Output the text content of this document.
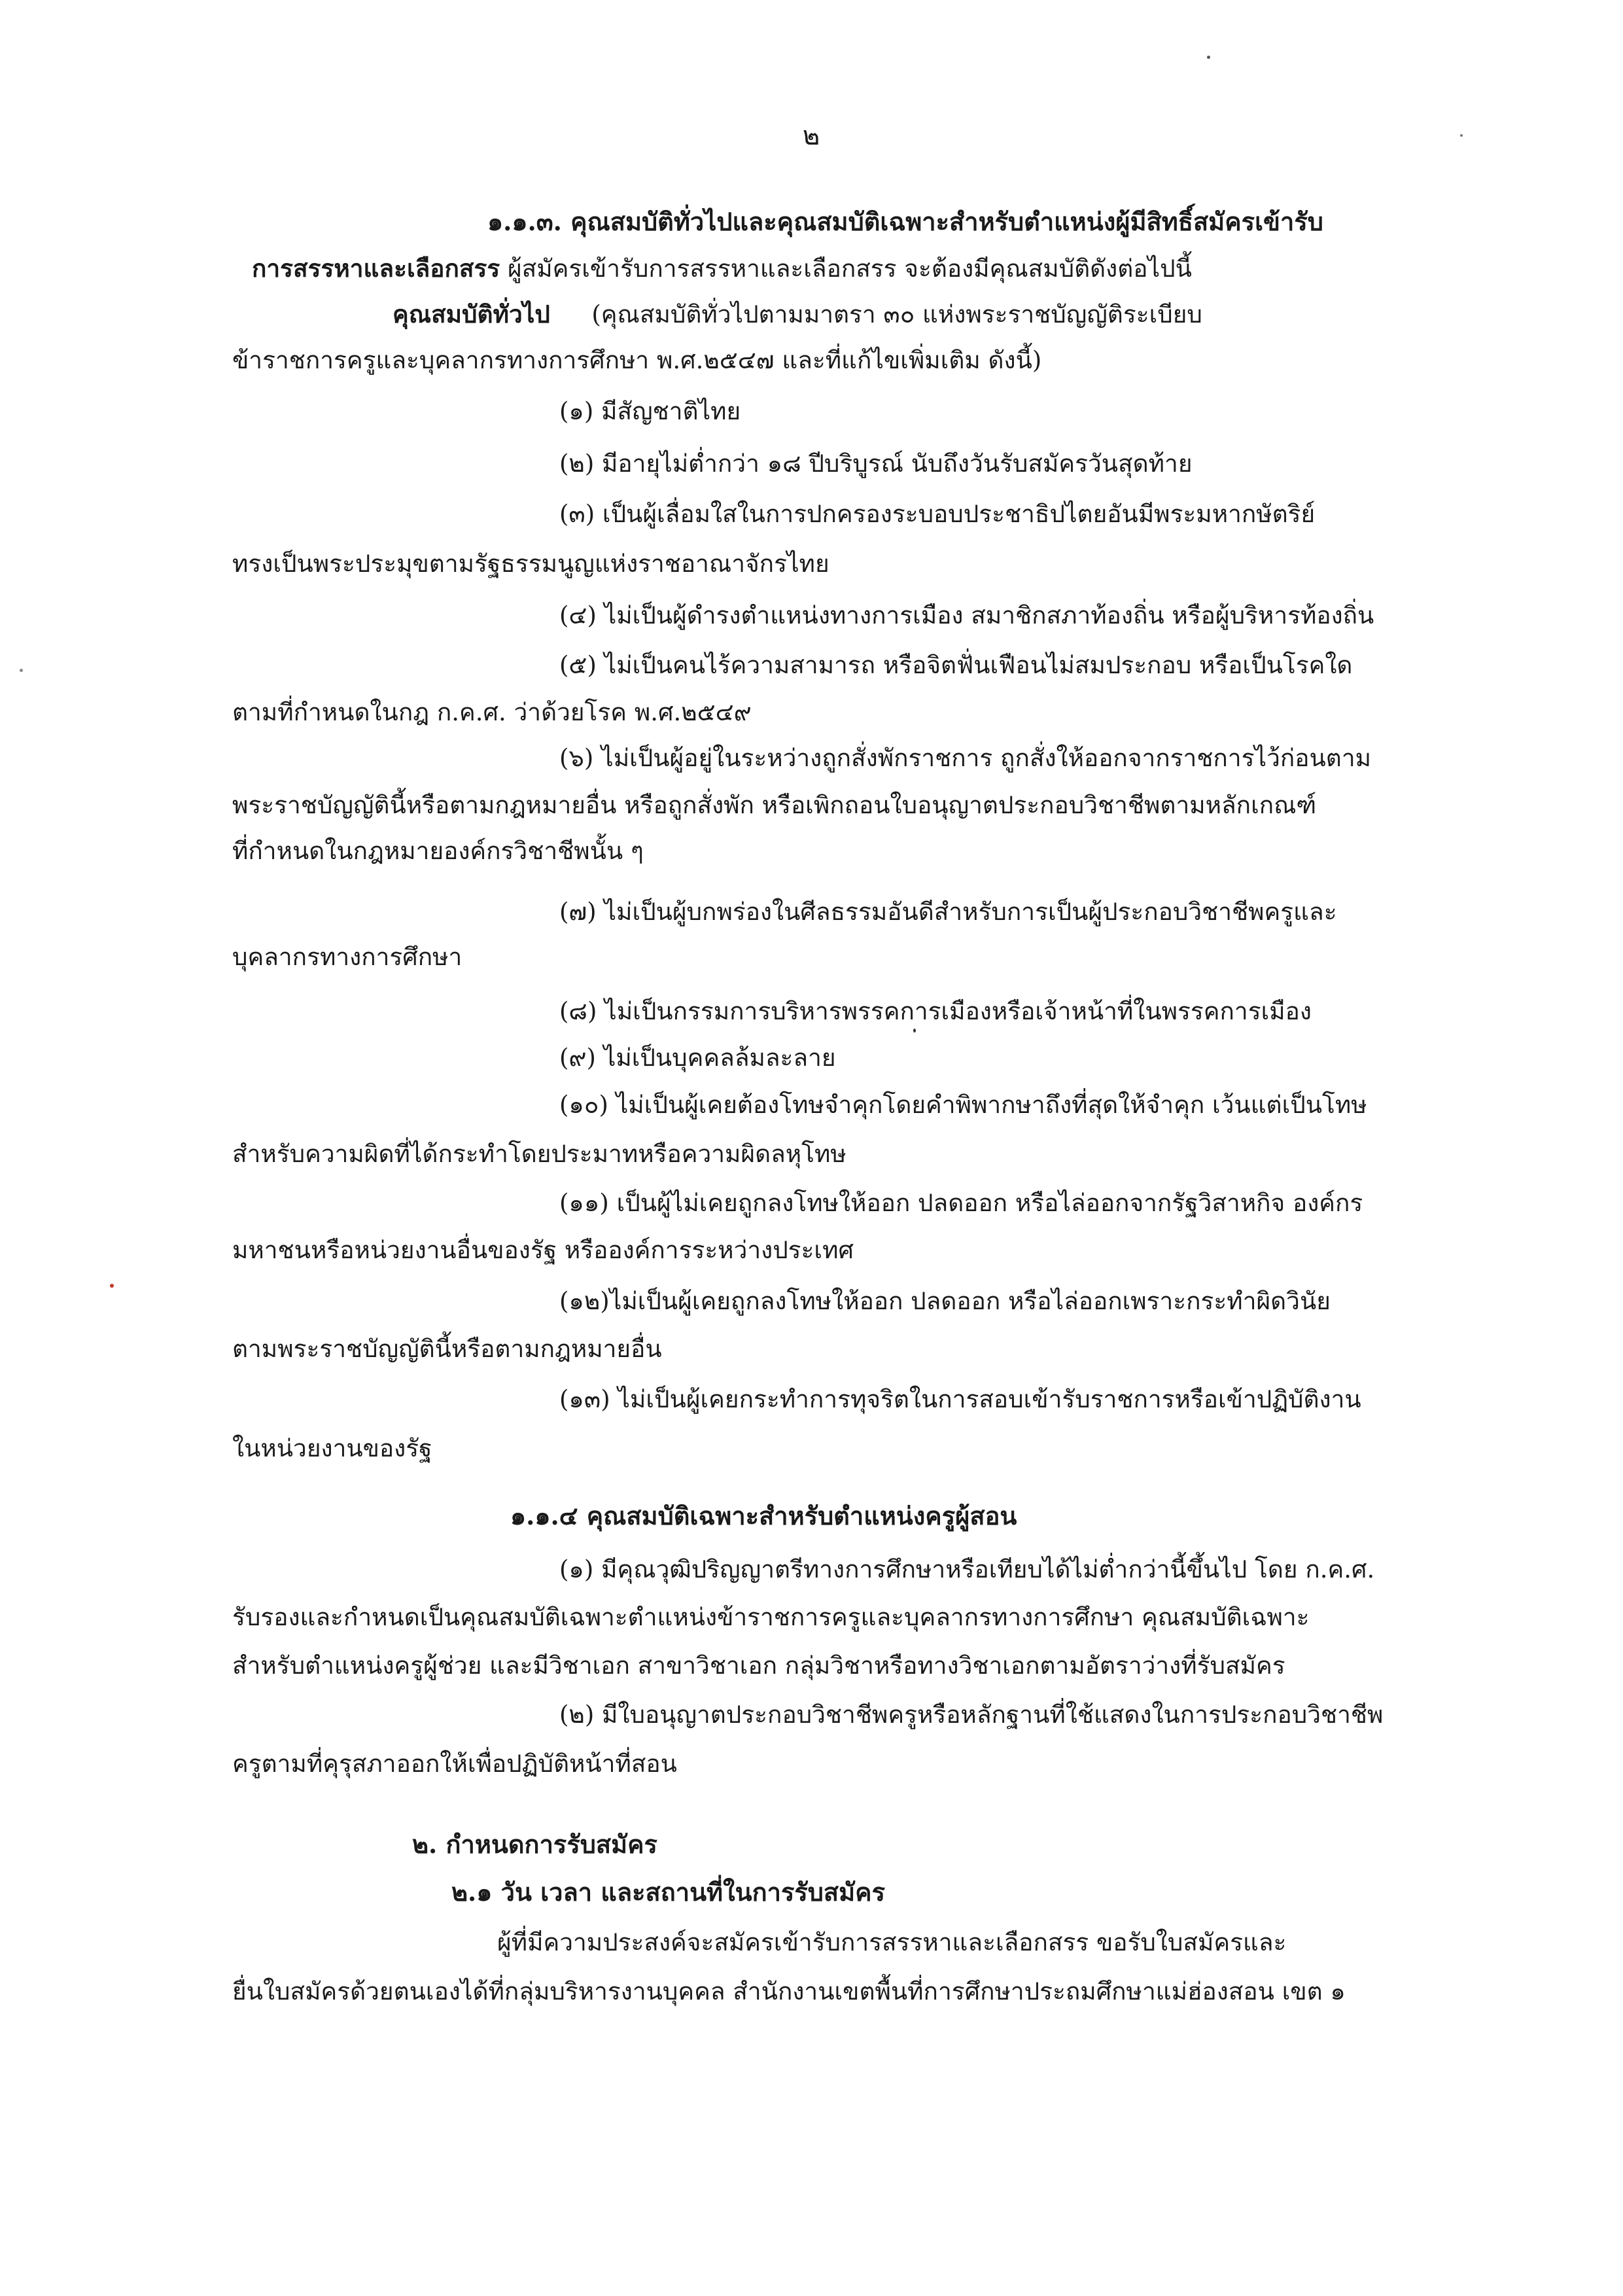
๒
๑.๑.๓. คุณสมบัติทั่วไปและคุณสมบัติเฉพาะสำหรับตำแหน่งผู้มีสิทธิ์สมัครเข้ารับ
การสรรหาและเลือกสรร ผู้สมัครเข้ารับการสรรหาและเลือกสรร จะต้องมีคุณสมบัติดังต่อไปนี้
คุณสมบัติทั่วไป (คุณสมบัติทั่วไปตามมาตรา ๓๐ แห่งพระราชบัญญัติระเบียบ
ข้าราชการครูและบุคลากรทางการศึกษา พ.ศ.๒๕๔๗ และที่แก้ไขเพิ่มเติม ดังนี้)
(๑) มีสัญชาติไทย
(๒) มีอายุไม่ต่ำกว่า ๑๘ ปีบริบูรณ์ นับถึงวันรับสมัครวันสุดท้าย
(๓) เป็นผู้เลื่อมใสในการปกครองระบอบประชาธิปไตยอันมีพระมหากษัตริย์
ทรงเป็นพระประมุขตามรัฐธรรมนูญแห่งราชอาณาจักรไทย
(๔) ไม่เป็นผู้ดำรงตำแหน่งทางการเมือง สมาชิกสภาท้องถิ่น หรือผู้บริหารท้องถิ่น
(๕) ไม่เป็นคนไร้ความสามารถ หรือจิตฟั่นเฟือนไม่สมประกอบ หรือเป็นโรคใด
ตามที่กำหนดในกฎ ก.ค.ศ. ว่าด้วยโรค พ.ศ.๒๕๔๙
(๖) ไม่เป็นผู้อยู่ในระหว่างถูกสั่งพักราชการ ถูกสั่งให้ออกจากราชการไว้ก่อนตาม
พระราชบัญญัตินี้หรือตามกฎหมายอื่น หรือถูกสั่งพัก หรือเพิกถอนใบอนุญาตประกอบวิชาชีพตามหลักเกณฑ์
ที่กำหนดในกฎหมายองค์กรวิชาชีพนั้น ๆ
(๗) ไม่เป็นผู้บกพร่องในศีลธรรมอันดีสำหรับการเป็นผู้ประกอบวิชาชีพครูและ
บุคลากรทางการศึกษา
(๘) ไม่เป็นกรรมการบริหารพรรคการเมืองหรือเจ้าหน้าที่ในพรรคการเมือง
(๙) ไม่เป็นบุคคลล้มละลาย
(๑๐) ไม่เป็นผู้เคยต้องโทษจำคุกโดยคำพิพากษาถึงที่สุดให้จำคุก เว้นแต่เป็นโทษ
สำหรับความผิดที่ได้กระทำโดยประมาทหรือความผิดลหุโทษ
(๑๑) เป็นผู้ไม่เคยถูกลงโทษให้ออก ปลดออก หรือไล่ออกจากรัฐวิสาหกิจ องค์กร
มหาชนหรือหน่วยงานอื่นของรัฐ หรือองค์การระหว่างประเทศ
(๑๒)ไม่เป็นผู้เคยถูกลงโทษให้ออก ปลดออก หรือไล่ออกเพราะกระทำผิดวินัย
ตามพระราชบัญญัตินี้หรือตามกฎหมายอื่น
(๑๓) ไม่เป็นผู้เคยกระทำการทุจริตในการสอบเข้ารับราชการหรือเข้าปฏิบัติงาน
ในหน่วยงานของรัฐ
๑.๑.๔ คุณสมบัติเฉพาะสำหรับตำแหน่งครูผู้สอน
(๑) มีคุณวุฒิปริญญาตรีทางการศึกษาหรือเทียบได้ไม่ต่ำกว่านี้ขึ้นไป โดย ก.ค.ศ.
รับรองและกำหนดเป็นคุณสมบัติเฉพาะตำแหน่งข้าราชการครูและบุคลากรทางการศึกษา คุณสมบัติเฉพาะ
สำหรับตำแหน่งครูผู้ช่วย และมีวิชาเอก สาขาวิชาเอก กลุ่มวิชาหรือทางวิชาเอกตามอัตราว่างที่รับสมัคร
(๒) มีใบอนุญาตประกอบวิชาชีพครูหรือหลักฐานที่ใช้แสดงในการประกอบวิชาชีพ
ครูตามที่คุรุสภาออกให้เพื่อปฏิบัติหน้าที่สอน
๒. กำหนดการรับสมัคร
๒.๑ วัน เวลา และสถานที่ในการรับสมัคร
ผู้ที่มีความประสงค์จะสมัครเข้ารับการสรรหาและเลือกสรร ขอรับใบสมัครและ
ยื่นใบสมัครด้วยตนเองได้ที่กลุ่มบริหารงานบุคคล สำนักงานเขตพื้นที่การศึกษาประถมศึกษาแม่ฮ่องสอน เขต ๑
